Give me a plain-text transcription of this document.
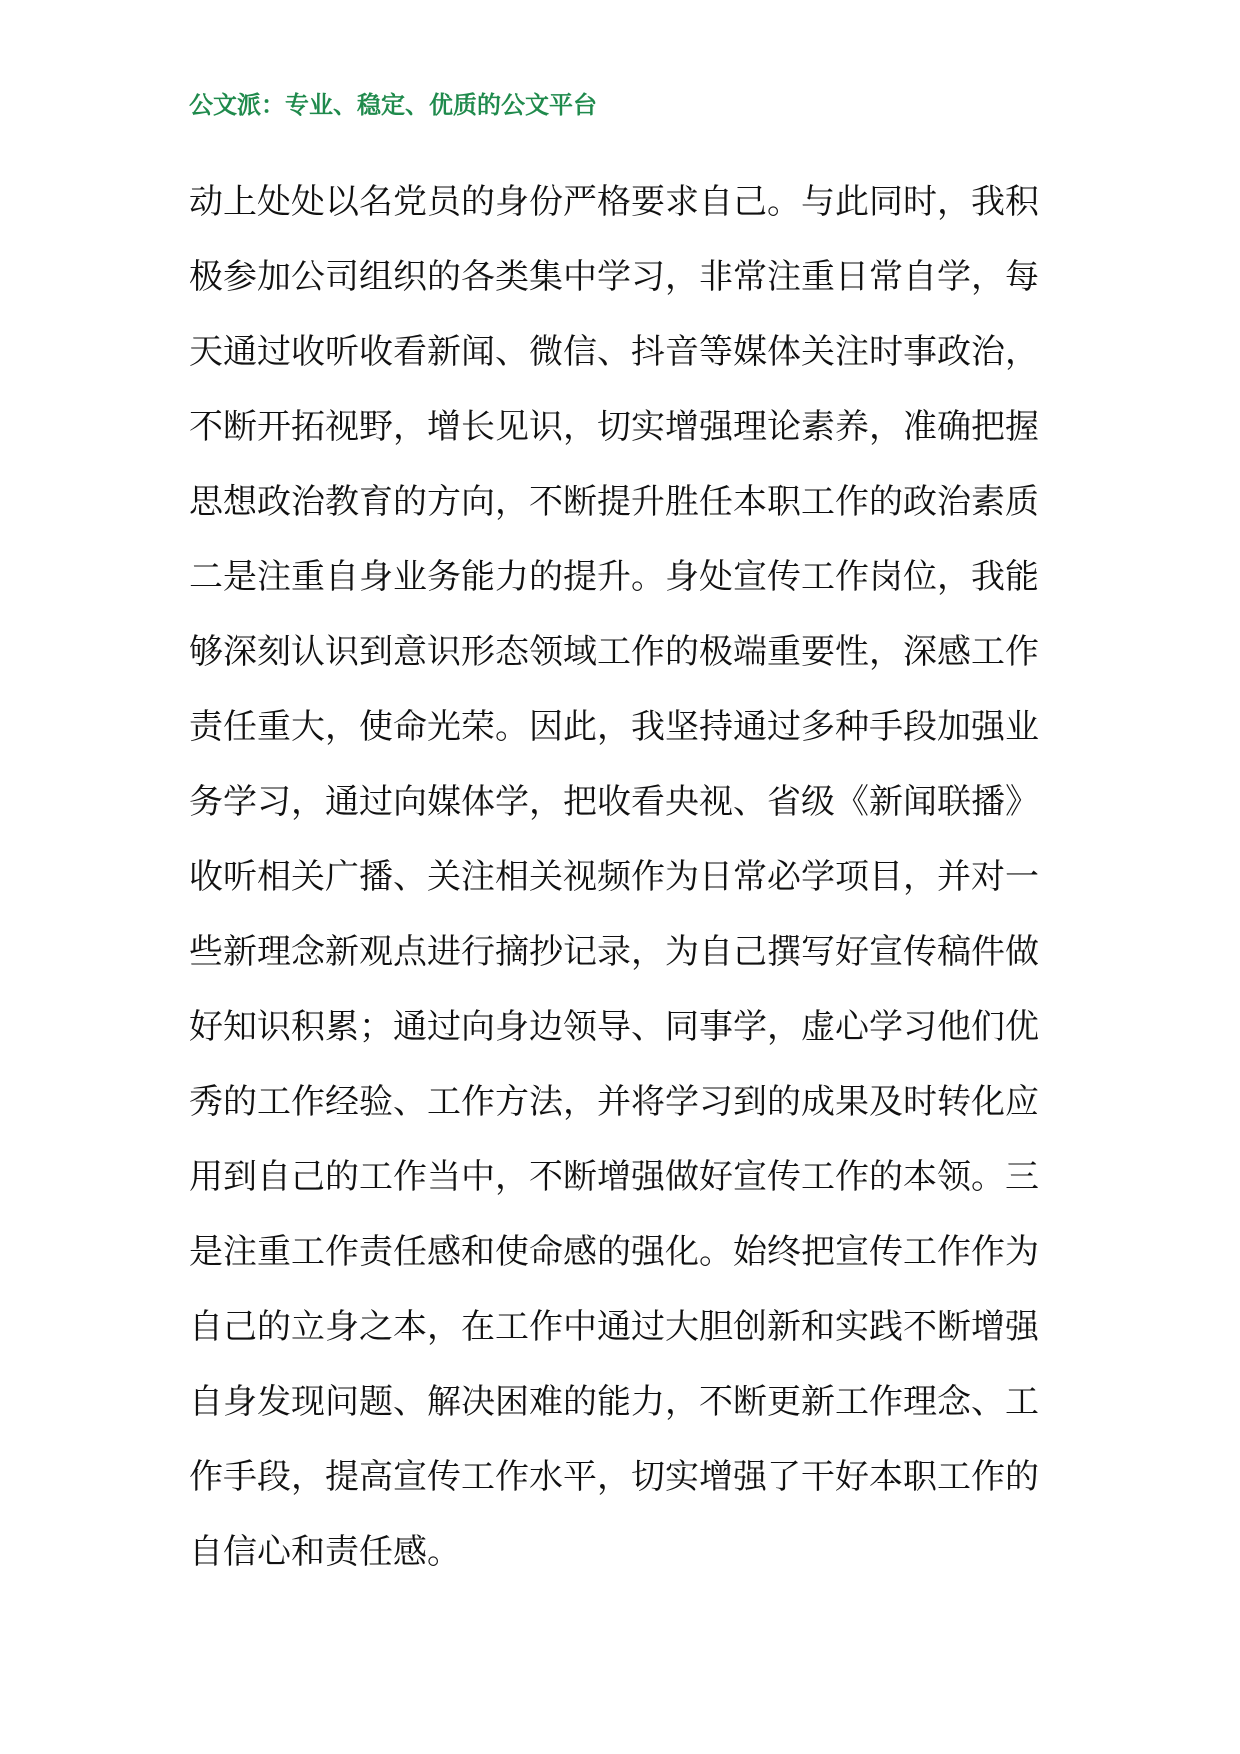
公文派：专业、稳定、优质的公文平台
动上处处以名党员的身份严格要求自己。与此同时，我积
极参加公司组织的各类集中学习，非常注重日常自学，每
天通过收听收看新闻、微信、抖音等媒体关注时事政治，
不断开拓视野，增长见识，切实增强理论素养，准确把握
思想政治教育的方向，不断提升胜任本职工作的政治素质
二是注重自身业务能力的提升。身处宣传工作岗位，我能
够深刻认识到意识形态领域工作的极端重要性，深感工作
责任重大，使命光荣。因此，我坚持通过多种手段加强业
务学习，通过向媒体学，把收看央视、省级《新闻联播》
收听相关广播、关注相关视频作为日常必学项目，并对一
些新理念新观点进行摘抄记录，为自己撰写好宣传稿件做
好知识积累；通过向身边领导、同事学，虚心学习他们优
秀的工作经验、工作方法，并将学习到的成果及时转化应
用到自己的工作当中，不断增强做好宣传工作的本领。三
是注重工作责任感和使命感的强化。始终把宣传工作作为
自己的立身之本，在工作中通过大胆创新和实践不断增强
自身发现问题、解决困难的能力，不断更新工作理念、工
作手段，提高宣传工作水平，切实增强了干好本职工作的
自信心和责任感。
